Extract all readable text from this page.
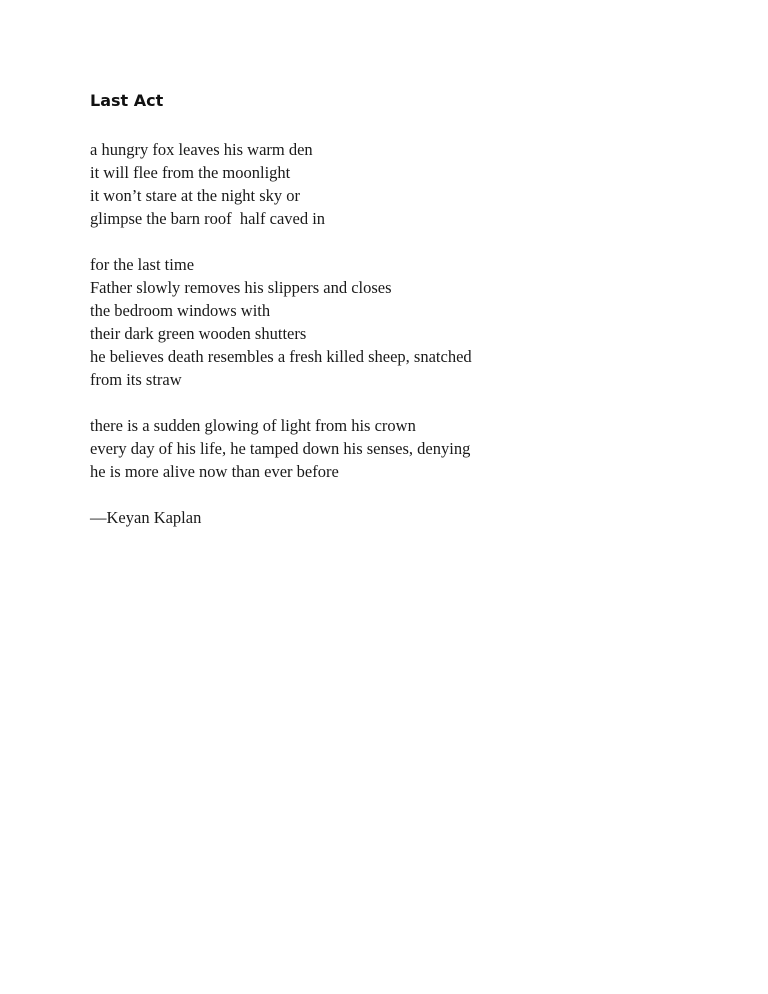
Last Act
a hungry fox leaves his warm den
it will flee from the moonlight
it won’t stare at the night sky or
glimpse the barn roof  half caved in
for the last time
Father slowly removes his slippers and closes
the bedroom windows with
their dark green wooden shutters
he believes death resembles a fresh killed sheep, snatched
from its straw
there is a sudden glowing of light from his crown
every day of his life, he tamped down his senses, denying
he is more alive now than ever before
—Keyan Kaplan
